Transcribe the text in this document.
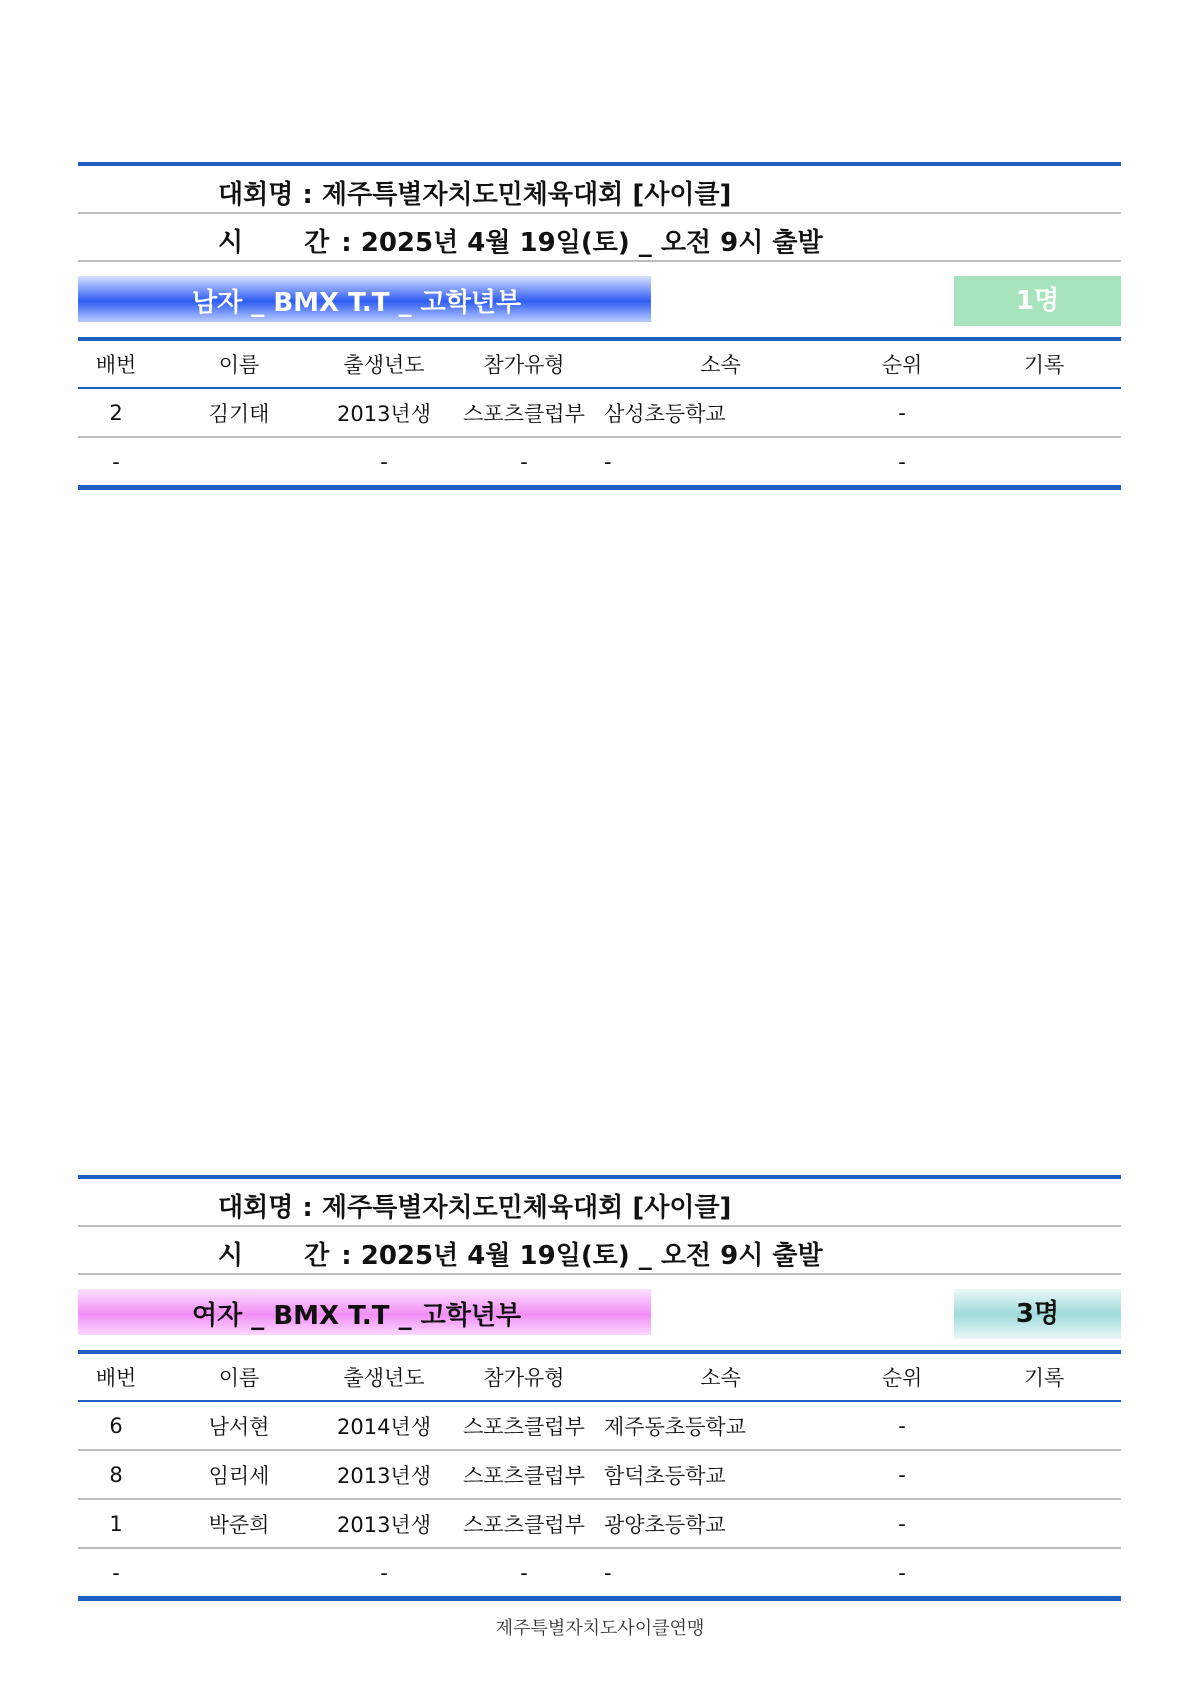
대회명 : 제주특별자치도민체육대회 [사이클]
시 간: 2025년 4월 19일(토) _ 오전 9시 출발
남자 _ BMX T.T _ 고학년부	1명
배번	이름	출생년도	참가유형	소속	순위	기록
2	김기태	2013년생	스포츠클럽부	삼성초등학교	-	
-		-	-	-	-	
대회명 : 제주특별자치도민체육대회 [사이클]
시 간: 2025년 4월 19일(토) _ 오전 9시 출발
여자 _ BMX T.T _ 고학년부	3명
배번	이름	출생년도	참가유형	소속	순위	기록
6	남서현	2014년생	스포츠클럽부	제주동초등학교	-	
8	임리세	2013년생	스포츠클럽부	함덕초등학교	-	
1	박준희	2013년생	스포츠클럽부	광양초등학교	-	
-		-	-	-	-	
제주특별자치도사이클연맹
